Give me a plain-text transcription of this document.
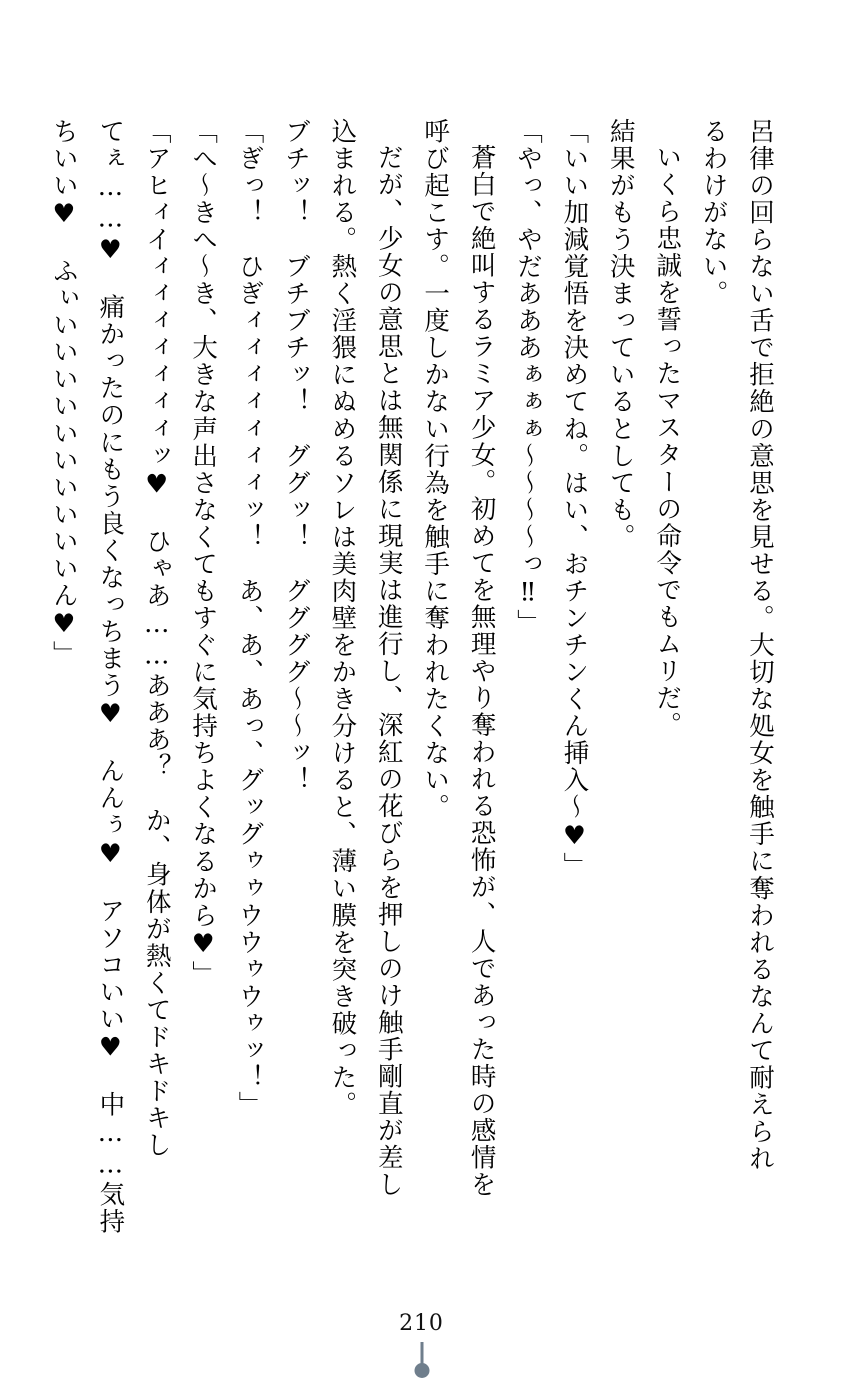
呂律の回らない舌で拒絶の意思を見せる。大切な処女を触手に奪われるなんて耐えられ
るわけがない。
いくら忠誠を誓ったマスターの命令でもムリだ。
結果がもう決まっているとしても。
「いい加減覚悟を決めてね。はい、おチンチンくん挿入〜♥」
「やっ、やだあああぁぁぁ〜〜〜〜っ‼」
蒼白で絶叫するラミア少女。初めてを無理やり奪われる恐怖が、人であった時の感情を
呼び起こす。一度しかない行為を触手に奪われたくない。
だが、少女の意思とは無関係に現実は進行し、深紅の花びらを押しのけ触手剛直が差し
込まれる。熱く淫猥にぬめるソレは美肉壁をかき分けると、薄い膜を突き破った。
ブチッ！　ブチブチッ！　ググッ！　ググググ〜〜ッ！
「ぎっ！　ひぎィィィィィィィッ！　あ、あ、あっ、グッグゥゥウウゥウゥッ！」
「へ〜きへ〜き、大きな声出さなくてもすぐに気持ちよくなるから♥」
「アヒィイィィィィィィィッ♥　ひゃあ……あああ？　か、身体が熱くてドキドキし
てぇ……♥　痛かったのにもう良くなっちまう♥　んんぅ♥　アソコいい♥　中……気持
ちいい♥　ふぃいいいいいいいいいいん♥」
210
